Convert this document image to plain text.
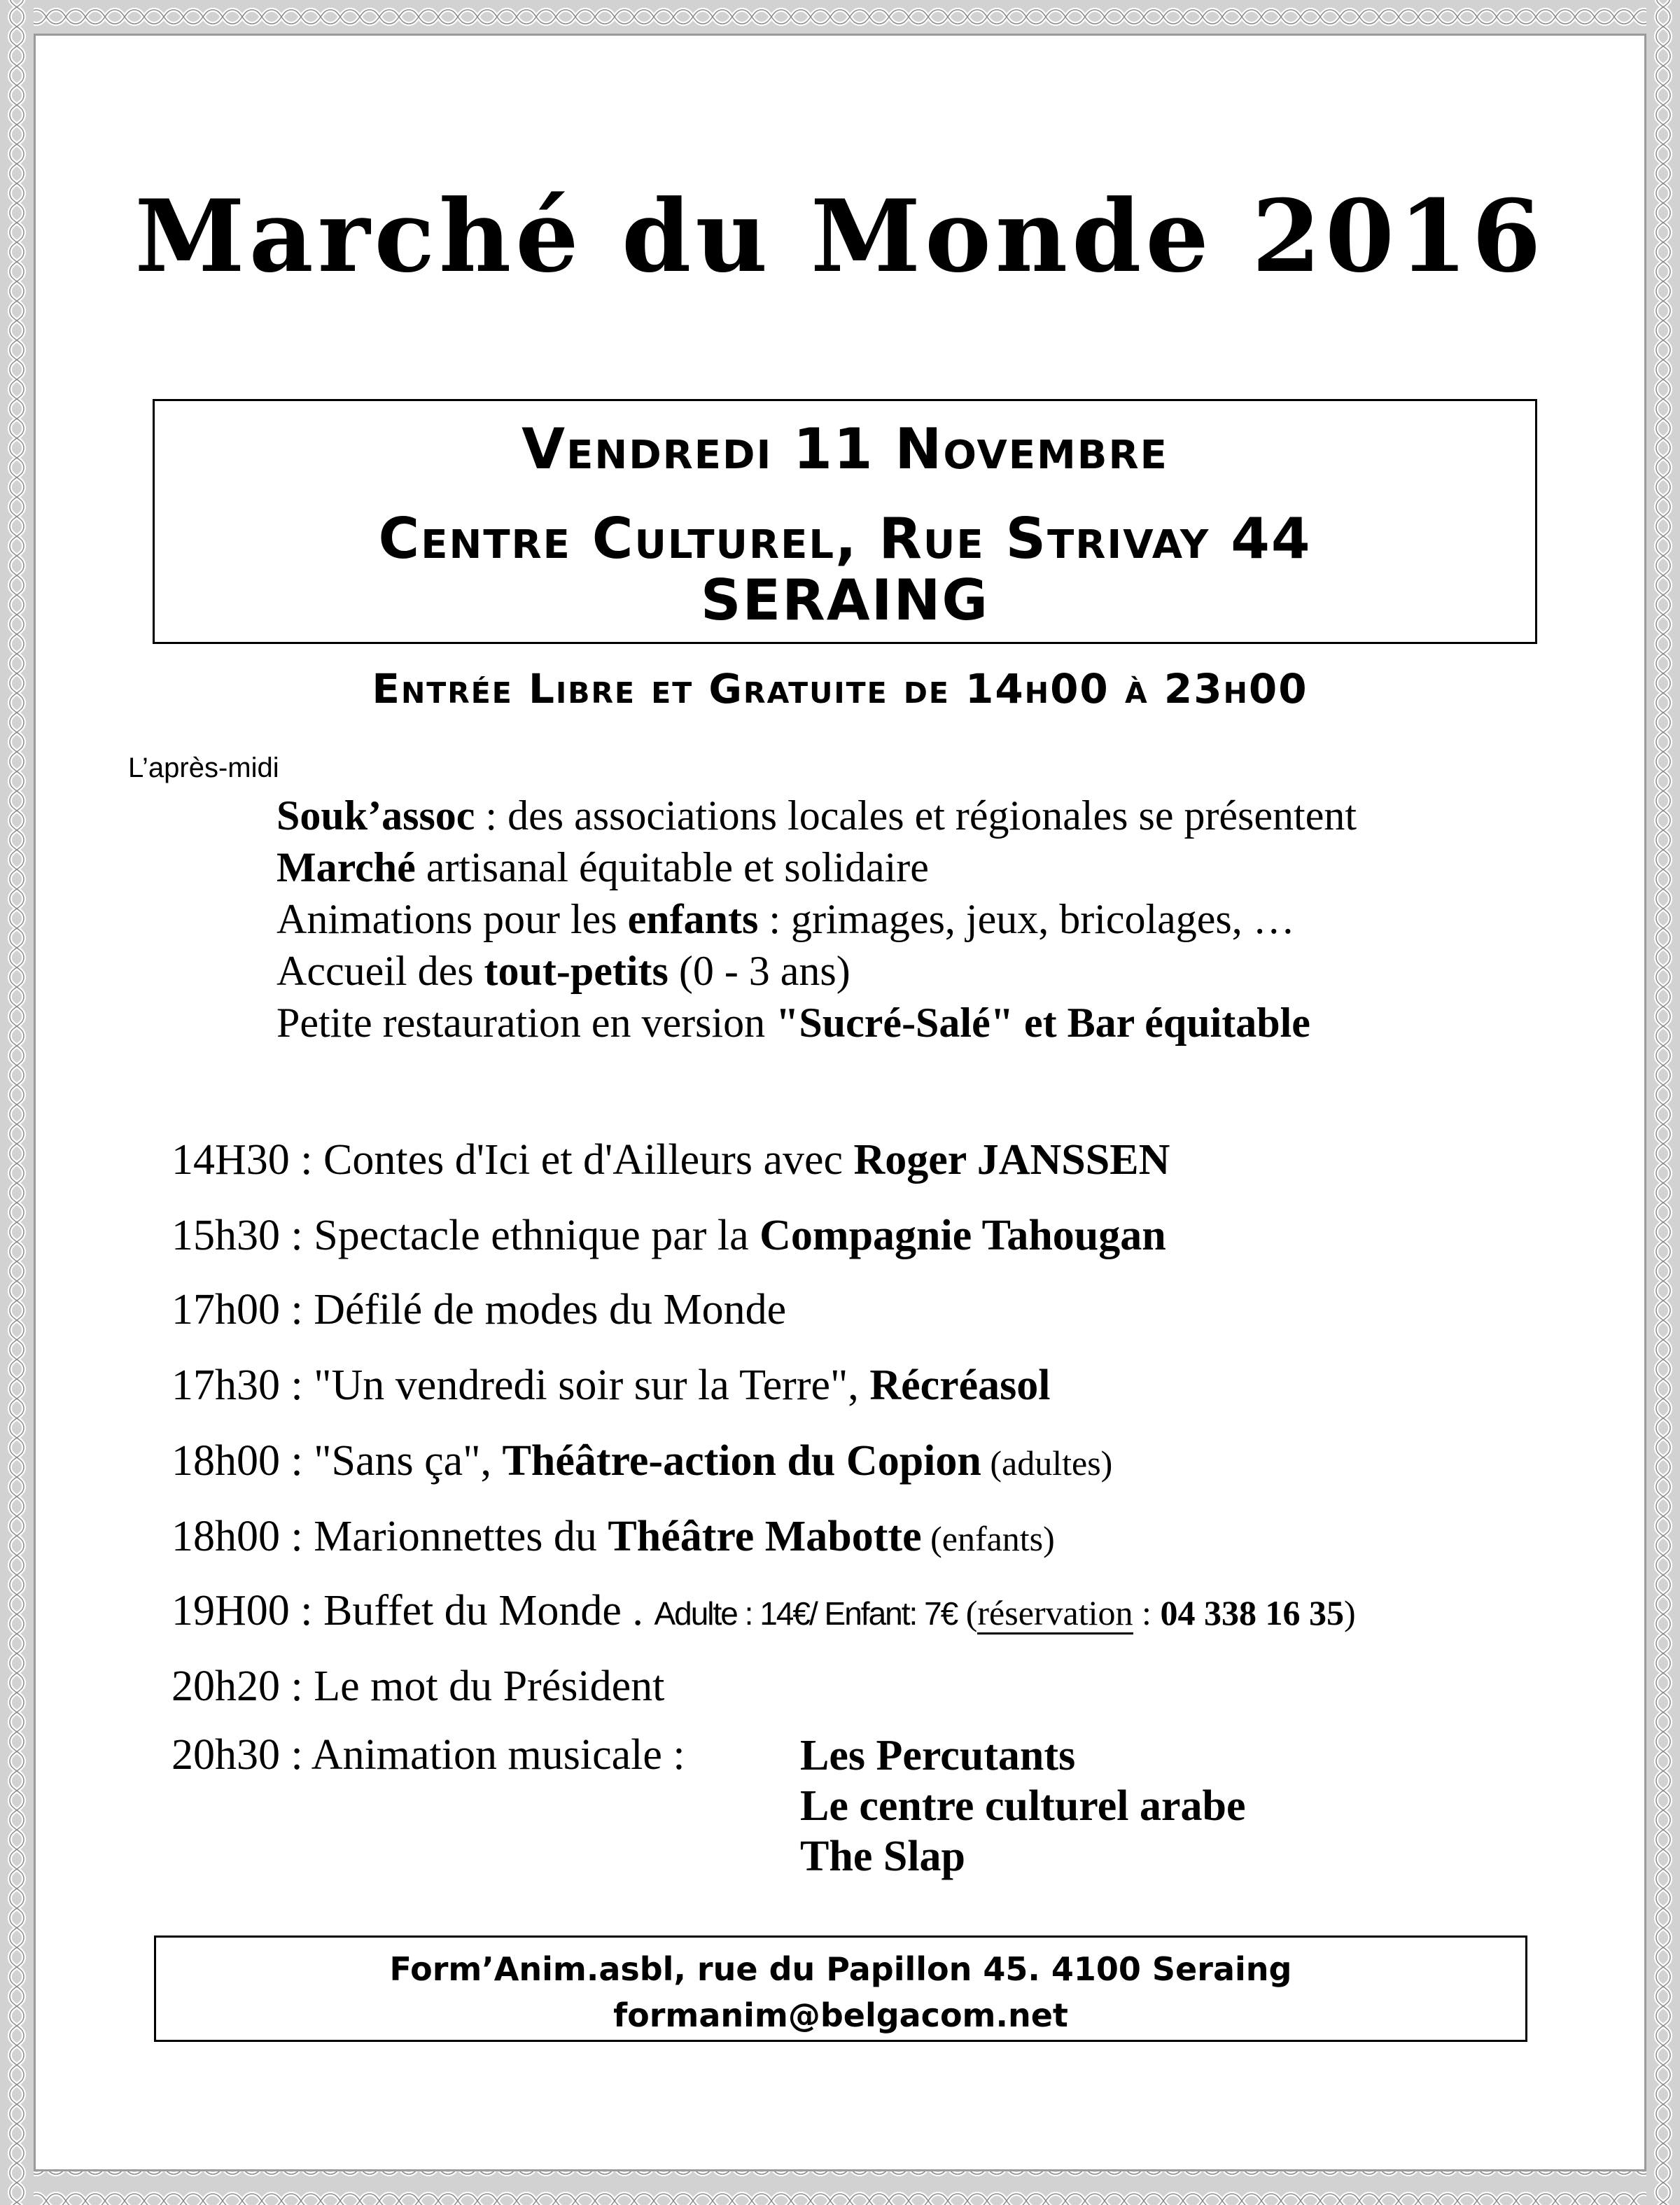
Marché du Monde 2016
Vendredi 11 Novembre
Centre Culturel, Rue Strivay 44
SERAING
Entrée Libre et Gratuite de 14h00 à 23h00
L’après-midi
Souk’assoc : des associations locales et régionales se présentent
Marché artisanal équitable et solidaire
Animations pour les enfants : grimages, jeux, bricolages, …
Accueil des tout-petits (0 - 3 ans)
Petite restauration en version "Sucré-Salé" et Bar équitable
14H30 : Contes d'Ici et d'Ailleurs avec Roger JANSSEN
15h30 : Spectacle ethnique par la Compagnie Tahougan
17h00 : Défilé de modes du Monde
17h30 : "Un vendredi soir sur la Terre", Récréasol
18h00 : "Sans ça", Théâtre-action du Copion (adultes)
18h00 : Marionnettes du Théâtre Mabotte (enfants)
19H00 : Buffet du Monde . Adulte : 14€/ Enfant: 7€ (réservation : 04 338 16 35)
20h20 : Le mot du Président
20h30 : Animation musicale :	Les Percutants
Le centre culturel arabe
The Slap
Form’Anim.asbl, rue du Papillon 45. 4100 Seraing
formanim@belgacom.net
